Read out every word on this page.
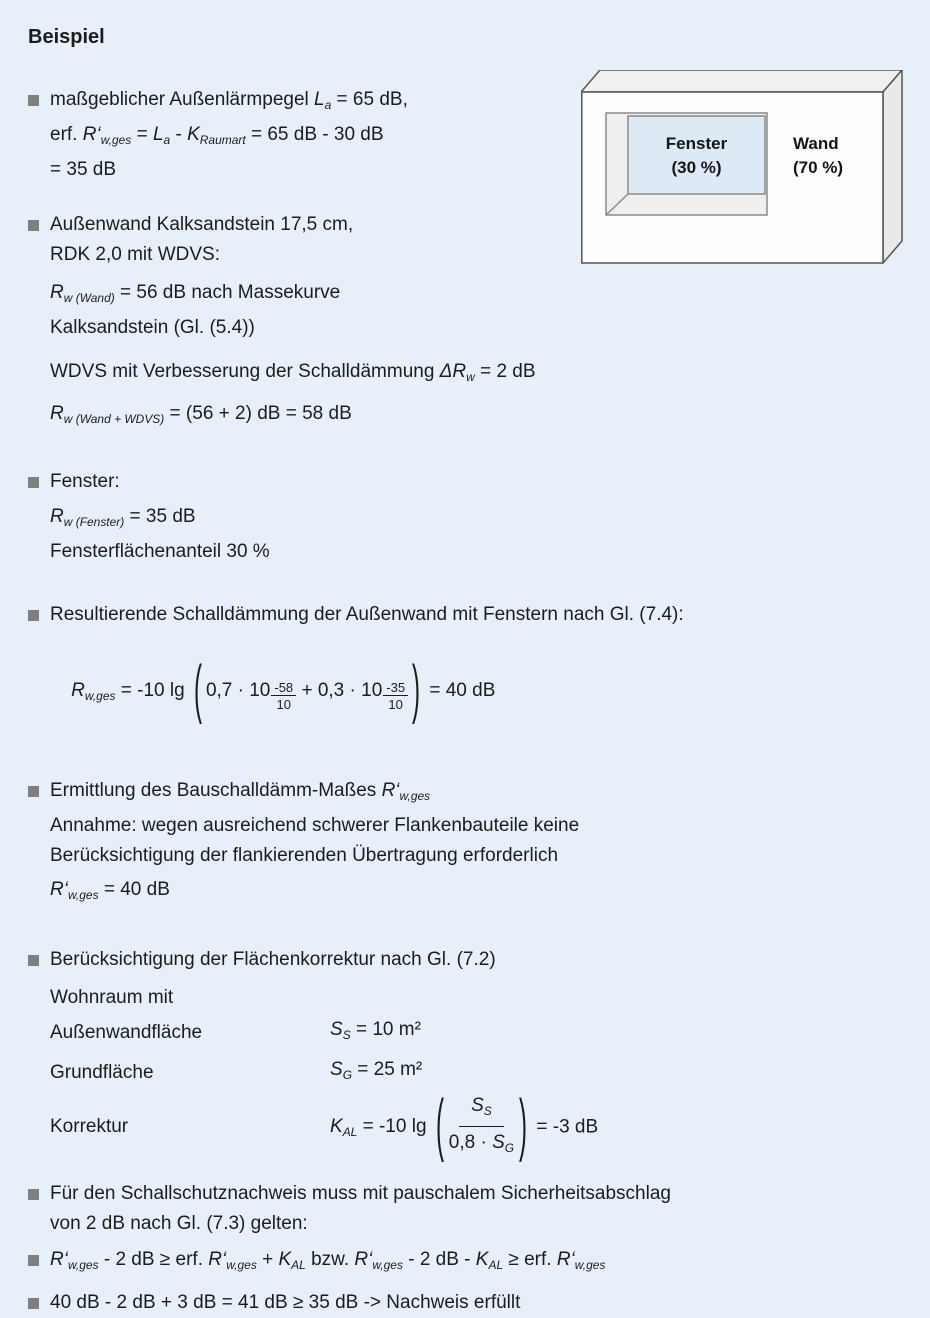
Beispiel
maßgeblicher Außenlärmpegel $L_a = 65$ dB,
erf. $R‘_{w,ges} = L_a - K_{Raumart} = 65$ dB - 30 dB
= 35 dB
Außenwand Kalksandstein 17,5 cm,
RDK 2,0 mit WDVS:
$R_{w (Wand)} = 56$ dB nach Massekurve
Kalksandstein (Gl. (5.4))
WDVS mit Verbesserung der Schalldämmung $\Delta R_w = 2$ dB
$R_{w (Wand + WDVS)} = (56 + 2)$ dB = 58 dB
Fenster:
$R_{w (Fenster)} = 35$ dB
Fensterflächenanteil 30 %
Resultierende Schalldämmung der Außenwand mit Fenstern nach Gl. (7.4):

$R_{w,ges} = -10$ lg ( $0,7 \cdot 10 \frac{-58}{10} + 0,3 \cdot 10 \frac{-35}{10}$ ) = 40 dB

Ermittlung des Bauschalldämm-Maßes $R‘_{w,ges}$
Annahme: wegen ausreichend schwerer Flankenbauteile keine
Berücksichtigung der flankierenden Übertragung erforderlich
$R‘_{w,ges} = 40$ dB
Berücksichtigung der Flächenkorrektur nach Gl. (7.2)
Wohnraum mit
Außenwandfläche	$S_S = 10$ m²
Grundfläche	$S_G = 25$ m²
Korrektur	$K_{AL} = -10$ lg ( $\frac{S_S}{0,8 \cdot S_G}$ ) = -3 dB
Für den Schallschutznachweis muss mit pauschalem Sicherheitsabschlag
von 2 dB nach Gl. (7.3) gelten:
$R‘_{w,ges} - 2$ dB ≥ erf. $R‘_{w,ges} + K_{AL}$ bzw. $R‘_{w,ges} - 2$ dB - $K_{AL}$ ≥ erf. $R‘_{w,ges}$
40 dB - 2 dB + 3 dB = 41 dB ≥ 35 dB -> Nachweis erfüllt
Fenster
(30 %)
Wand
(70 %)
